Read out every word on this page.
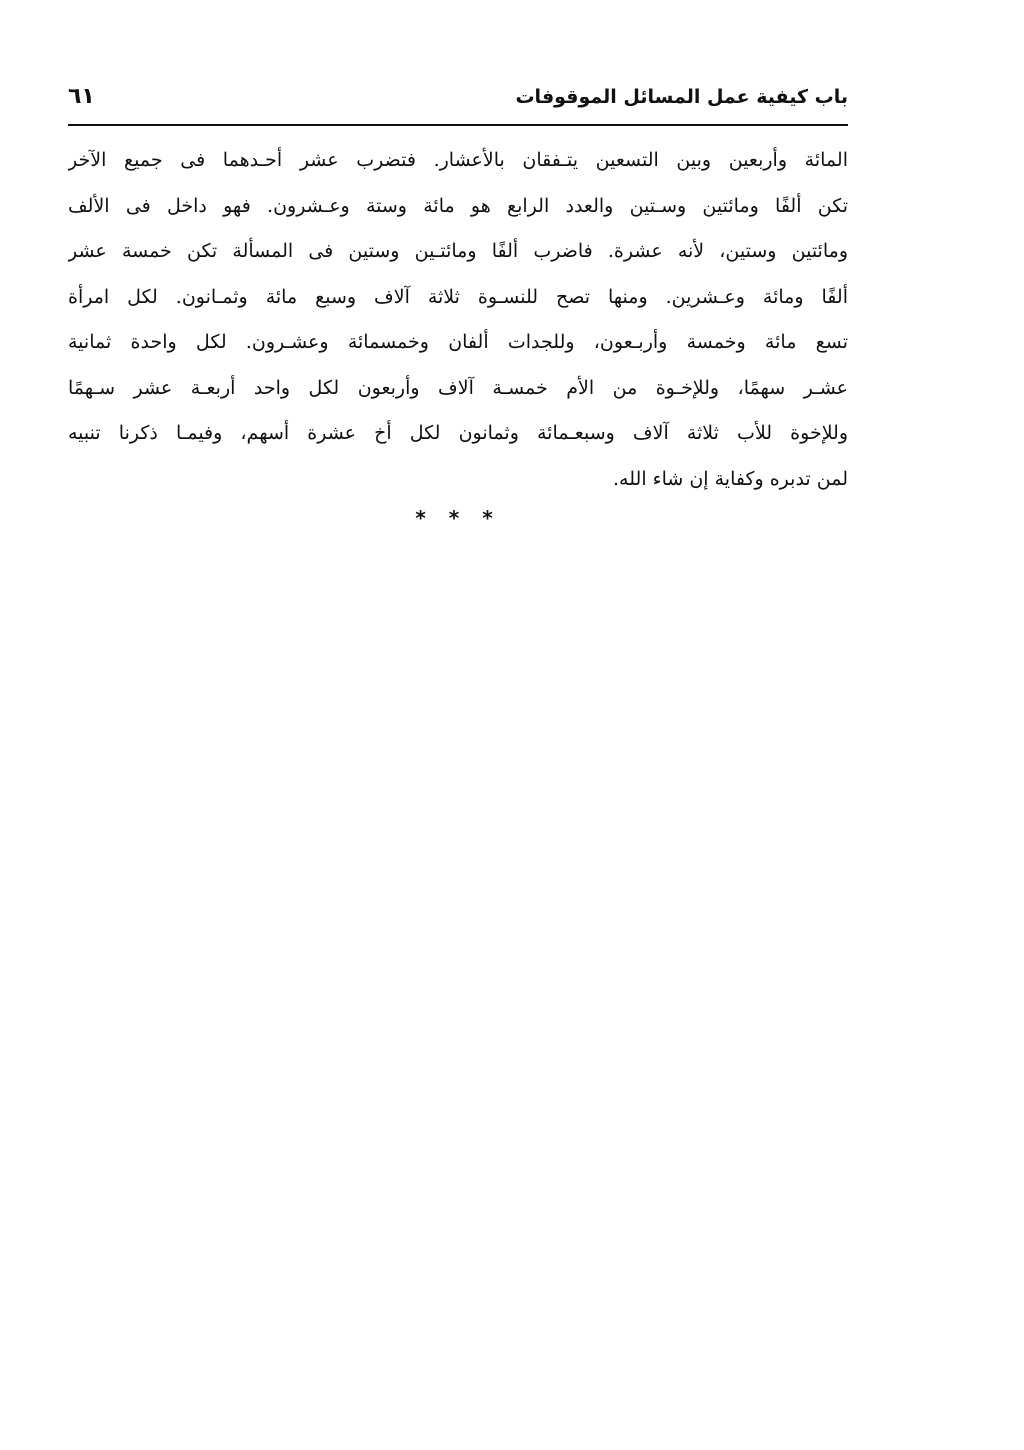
باب كيفية عمل المسائل الموقوفات
٦١
المائة وأربعين وبين التسعين يتـفقان بالأعشار. فتضرب عشر أحـدهما فى جميع الآخر
تكن ألفًا ومائتين وسـتين والعدد الرابع هو مائة وستة وعـشرون. فهو داخل فى الألف
ومائتين وستين، لأنه عشرة. فاضرب ألفًا ومائتـين وستين فى المسألة تكن خمسة عشر
ألفًا ومائة وعـشرين. ومنها تصح للنسـوة ثلاثة آلاف وسبع مائة وثمـانون. لكل امرأة
تسع مائة وخمسة وأربـعون، وللجدات ألفان وخمسمائة وعشـرون. لكل واحدة ثمانية
عشـر سهمًا، وللإخـوة من الأم خمسـة آلاف وأربعون لكل واحد أربعـة عشر سـهمًا
وللإخوة للأب ثلاثة آلاف وسبعـمائة وثمانون لكل أخ عشرة أسهم، وفيمـا ذكرنا تنبيه
لمن تدبره وكفاية إن شاء الله.
* * *
